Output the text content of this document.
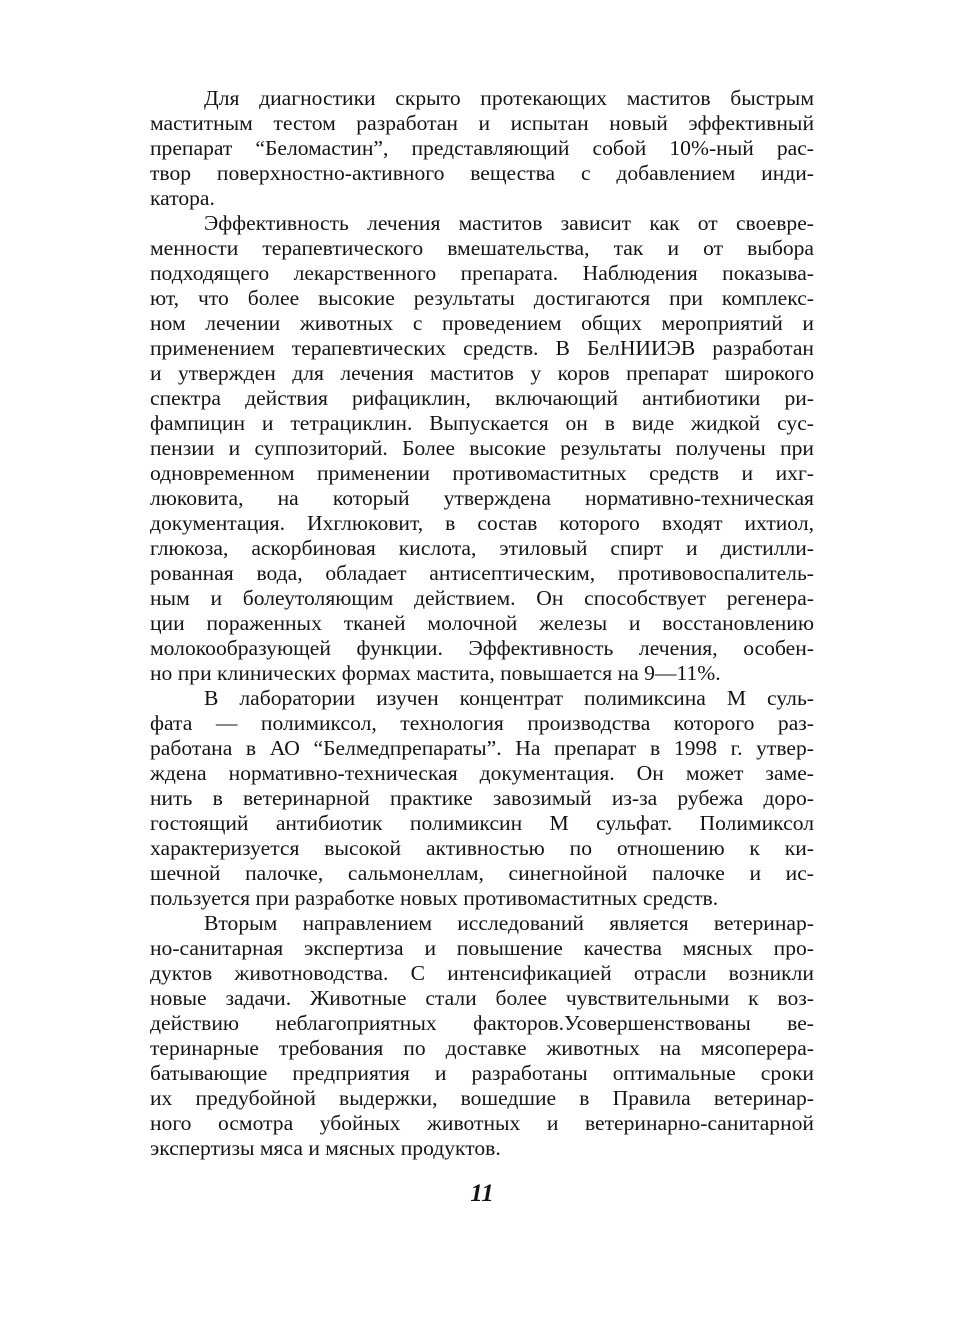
Для диагностики скрыто протекающих маститов быстрым
маститным тестом разработан и испытан новый эффективный
препарат “Беломастин”, представляющий собой 10%-ный рас-
твор поверхностно-активного вещества с добавлением инди-
катора.
Эффективность лечения маститов зависит как от своевре-
менности терапевтического вмешательства, так и от выбора
подходящего лекарственного препарата. Наблюдения показыва-
ют, что более высокие результаты достигаются при комплекс-
ном лечении животных с проведением общих мероприятий и
применением терапевтических средств. В БелНИИЭВ разработан
и утвержден для лечения маститов у коров препарат широкого
спектра действия рифациклин, включающий антибиотики ри-
фампицин и тетрациклин. Выпускается он в виде жидкой сус-
пензии и суппозиторий. Более высокие результаты получены при
одновременном применении противомаститных средств и ихг-
люковита, на который утверждена нормативно-техническая
документация. Ихглюковит, в состав которого входят ихтиол,
глюкоза, аскорбиновая кислота, этиловый спирт и дистилли-
рованная вода, обладает антисептическим, противовоспалитель-
ным и болеутоляющим действием. Он способствует регенера-
ции пораженных тканей молочной железы и восстановлению
молокообразующей функции. Эффективность лечения, особен-
но при клинических формах мастита, повышается на 9—11%.
В лаборатории изучен концентрат полимиксина М суль-
фата — полимиксол, технология производства которого раз-
работана в АО “Белмедпрепараты”. На препарат в 1998 г. утвер-
ждена нормативно-техническая документация. Он может заме-
нить в ветеринарной практике завозимый из-за рубежа доро-
гостоящий антибиотик полимиксин М сульфат. Полимиксол
характеризуется высокой активностью по отношению к ки-
шечной палочке, сальмонеллам, синегнойной палочке и ис-
пользуется при разработке новых противомаститных средств.
Вторым направлением исследований является ветеринар-
но-санитарная экспертиза и повышение качества мясных про-
дуктов животноводства. С интенсификацией отрасли возникли
новые задачи. Животные стали более чувствительными к воз-
действию неблагоприятных факторов.Усовершенствованы ве-
теринарные требования по доставке животных на мясоперера-
батывающие предприятия и разработаны оптимальные сроки
их предубойной выдержки, вошедшие в Правила ветеринар-
ного осмотра убойных животных и ветеринарно-санитарной
экспертизы мяса и мясных продуктов.
11
